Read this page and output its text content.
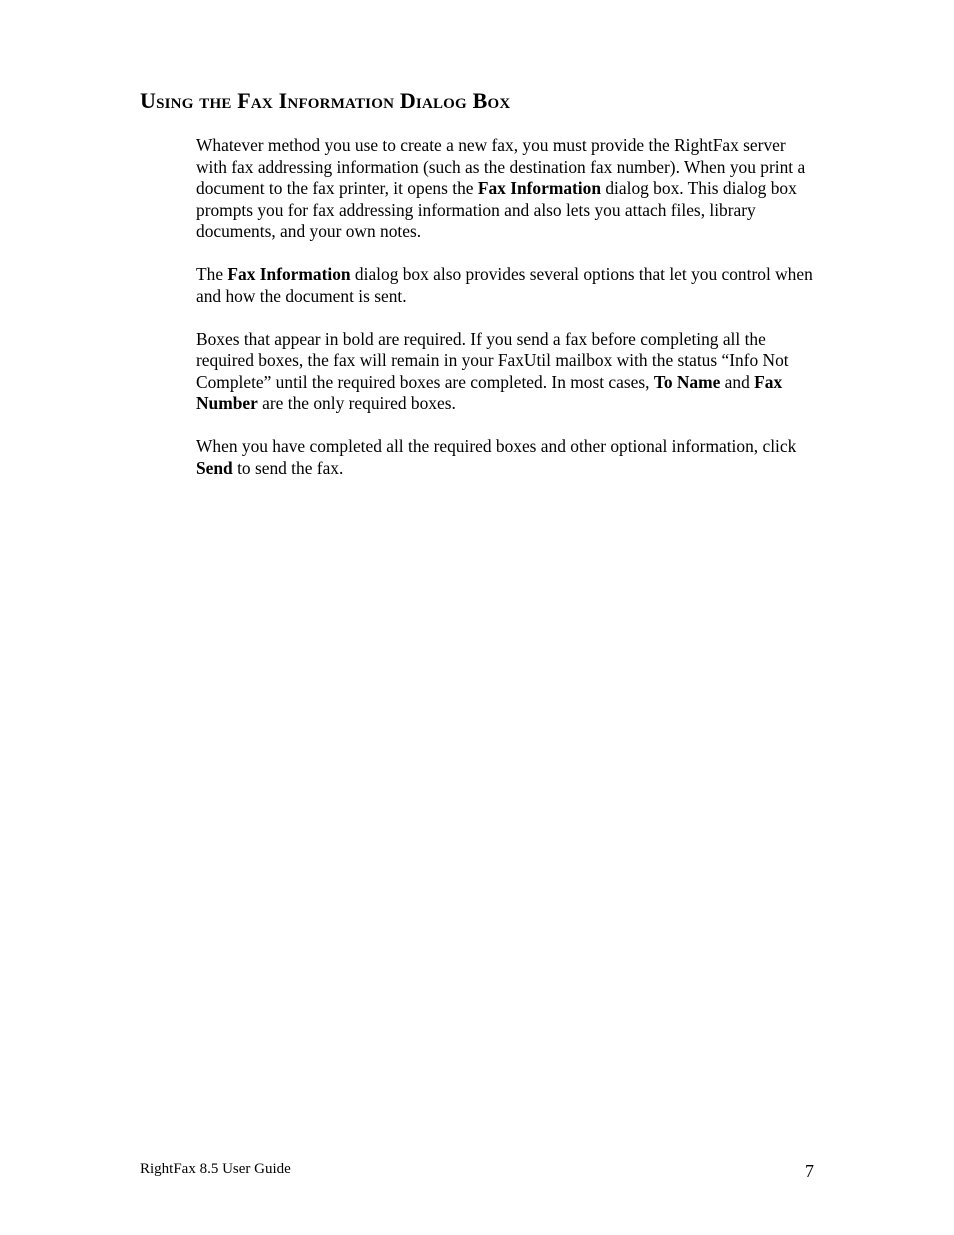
Using the Fax Information Dialog Box

Whatever method you use to create a new fax, you must provide the RightFax server with fax addressing information (such as the destination fax number). When you print a document to the fax printer, it opens the Fax Information dialog box. This dialog box prompts you for fax addressing information and also lets you attach files, library documents, and your own notes.

The Fax Information dialog box also provides several options that let you control when and how the document is sent.

Boxes that appear in bold are required. If you send a fax before completing all the required boxes, the fax will remain in your FaxUtil mailbox with the status “Info Not Complete” until the required boxes are completed. In most cases, To Name and Fax Number are the only required boxes.

When you have completed all the required boxes and other optional information, click Send to send the fax.

RightFax 8.5 User Guide	7
